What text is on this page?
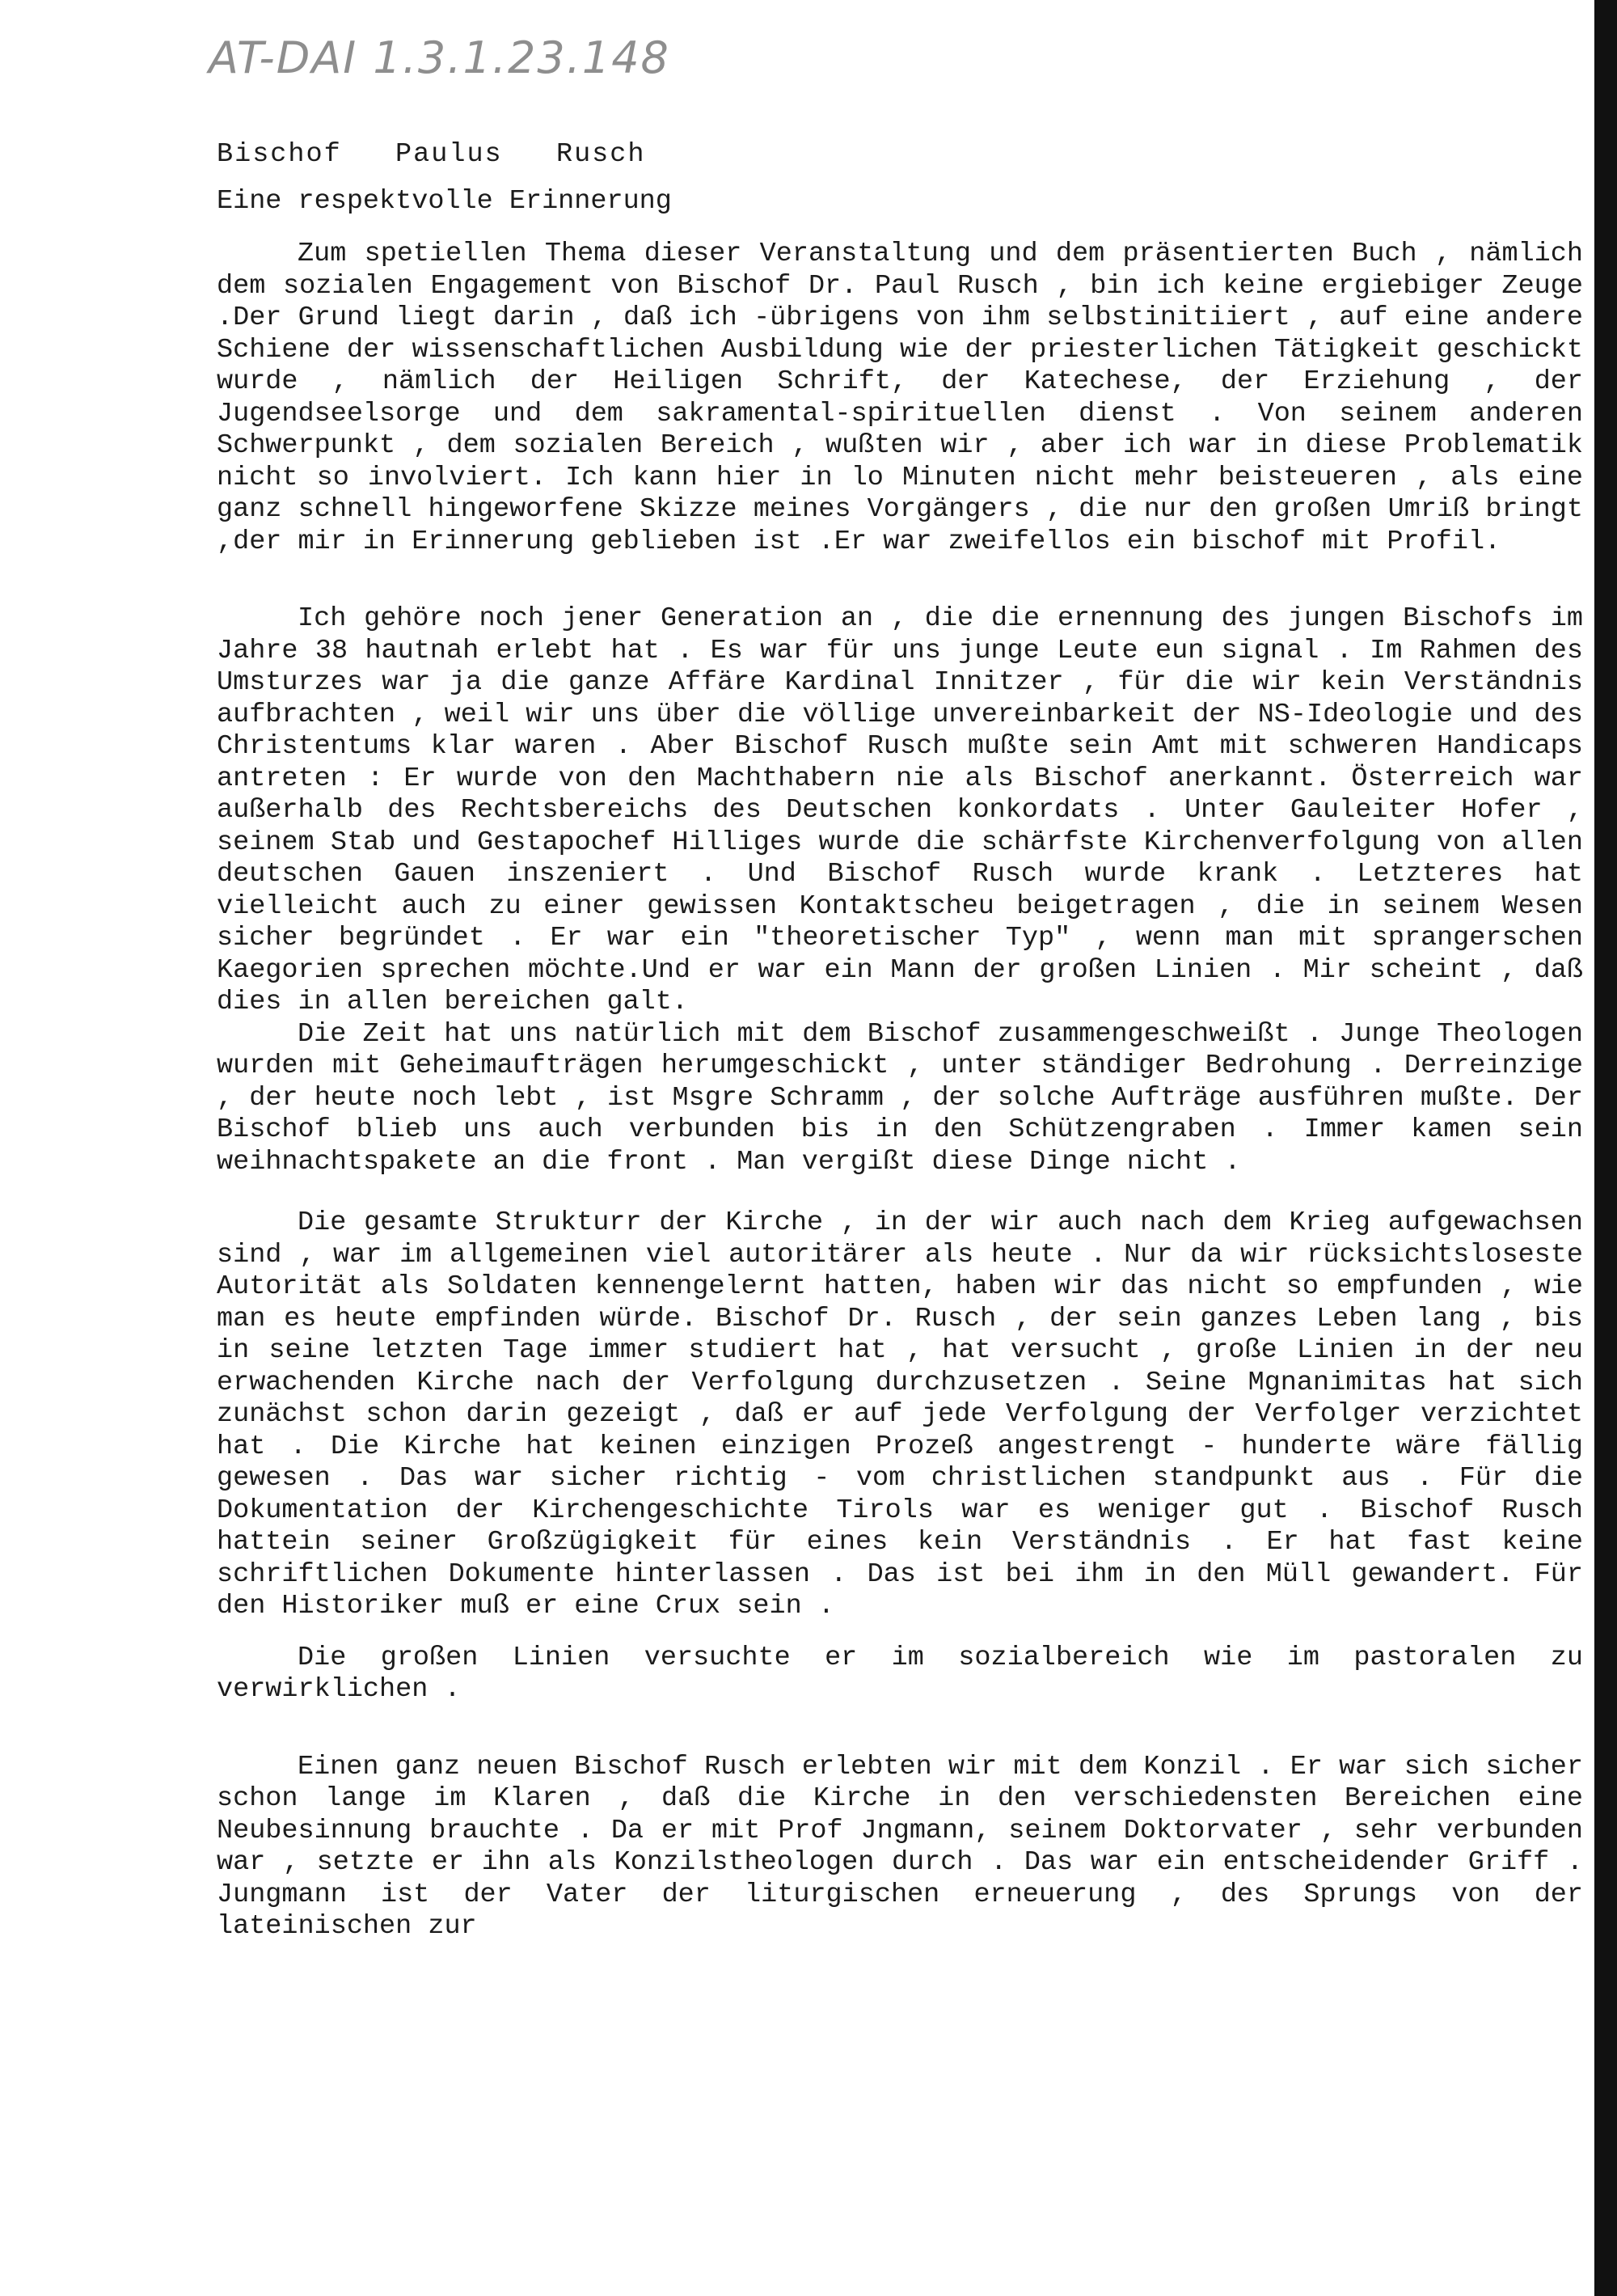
AT-DAI 1.3.1.23.148
Bischof   Paulus   Rusch
Eine respektvolle Erinnerung

Zum spetiellen Thema dieser Veranstaltung und dem präsentierten Buch , nämlich dem sozialen Engagement von Bischof Dr. Paul Rusch , bin ich keine ergiebiger Zeuge .Der Grund liegt darin , daß ich -übrigens von ihm selbstinitiiert , auf eine andere Schiene der wissenschaftlichen Ausbildung wie der priesterlichen Tätigkeit geschickt wurde , nämlich der Heiligen Schrift, der Katechese, der Erziehung , der Jugendseelsorge und dem sakramental-spirituellen dienst . Von seinem anderen Schwerpunkt , dem sozialen Bereich , wußten wir , aber ich war in diese Problematik nicht so involviert. Ich kann hier in lo Minuten nicht mehr beisteueren , als eine ganz schnell hingeworfene Skizze meines Vorgängers , die nur den großen Umriß bringt ,der mir in Erinnerung geblieben ist .Er war zweifellos ein bischof mit Profil.

Ich gehöre noch jener Generation an , die die ernennung des jungen Bischofs im Jahre 38 hautnah erlebt hat . Es war für uns junge Leute eun signal . Im Rahmen des Umsturzes war ja die ganze Affäre Kardinal Innitzer , für die wir kein Verständnis aufbrachten , weil wir uns über die völlige unvereinbarkeit der NS-Ideologie und des Christentums klar waren . Aber Bischof Rusch mußte sein Amt mit schweren Handicaps antreten : Er wurde von den Machthabern nie als Bischof anerkannt. Österreich war außerhalb des Rechtsbereichs des Deutschen konkordats . Unter Gauleiter Hofer , seinem Stab und Gestapochef Hilliges wurde die schärfste Kirchenverfolgung von allen deutschen Gauen inszeniert . Und Bischof Rusch wurde krank . Letzteres hat vielleicht auch zu einer gewissen Kontaktscheu beigetragen , die in seinem Wesen sicher begründet . Er war ein "theoretischer Typ" , wenn man mit sprangerschen Kaegorien sprechen möchte.Und er war ein Mann der großen Linien . Mir scheint , daß dies in allen bereichen galt.

Die Zeit hat uns natürlich mit dem Bischof zusammengeschweißt . Junge Theologen wurden mit Geheimaufträgen herumgeschickt , unter ständiger Bedrohung . Derreinzige , der heute noch lebt , ist Msgre Schramm , der solche Aufträge ausführen mußte. Der Bischof blieb uns auch verbunden bis in den Schützengraben . Immer kamen sein weihnachtspakete an die front . Man vergißt diese Dinge nicht .

Die gesamte Strukturr der Kirche , in der wir auch nach dem Krieg aufgewachsen sind , war im allgemeinen viel autoritärer als heute . Nur da wir rücksichtsloseste Autorität als Soldaten kennengelernt hatten, haben wir das nicht so empfunden , wie man es heute empfinden würde. Bischof Dr. Rusch , der sein ganzes Leben lang , bis in seine letzten Tage immer studiert hat , hat versucht , große Linien in der neu erwachenden Kirche nach der Verfolgung durchzusetzen . Seine Mgnanimitas hat sich zunächst schon darin gezeigt , daß er auf jede Verfolgung der Verfolger verzichtet hat . Die Kirche hat keinen einzigen Prozeß angestrengt - hunderte wäre fällig gewesen . Das war sicher richtig - vom christlichen standpunkt aus . Für die Dokumentation der Kirchengeschichte Tirols war es weniger gut . Bischof Rusch hattein seiner Großzügigkeit für eines kein Verständnis . Er hat fast keine schriftlichen Dokumente hinterlassen . Das ist bei ihm in den Müll gewandert. Für den Historiker muß er eine Crux sein .

Die großen Linien versuchte er im sozialbereich wie im pastoralen zu verwirklichen .

Einen ganz neuen Bischof Rusch erlebten wir mit dem Konzil . Er war sich sicher schon lange im Klaren , daß die Kirche in den verschiedensten Bereichen eine Neubesinnung brauchte . Da er mit Prof Jngmann, seinem Doktorvater , sehr verbunden war , setzte er ihn als Konzilstheologen durch . Das war ein entscheidender Griff . Jungmann ist der Vater der liturgischen erneuerung , des Sprungs von der lateinischen zur
